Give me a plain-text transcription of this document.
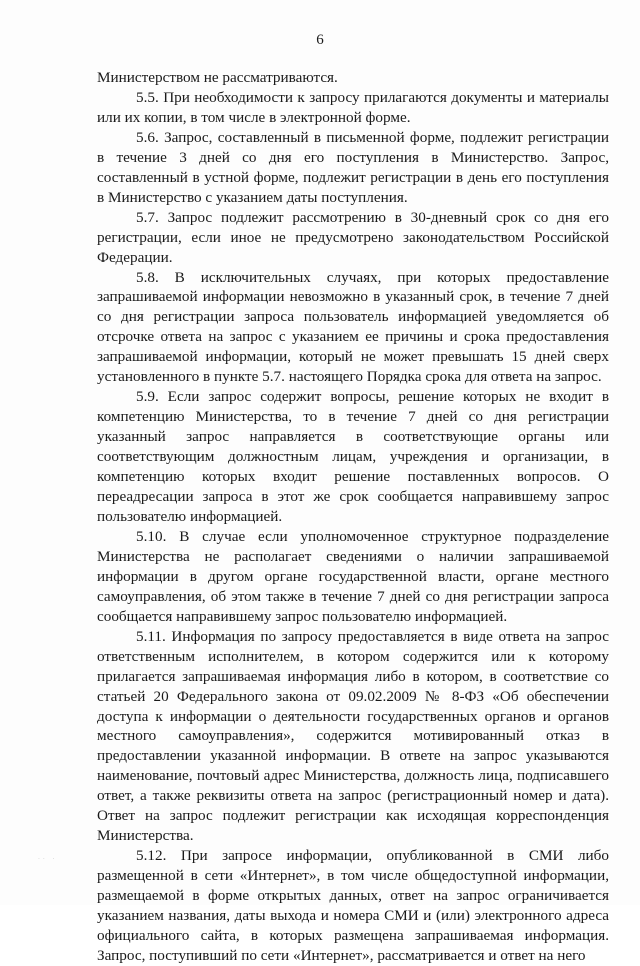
6

Министерством не рассматриваются.

5.5. При необходимости к запросу прилагаются документы и материалы или их копии, в том числе в электронной форме.

5.6. Запрос, составленный в письменной форме, подлежит регистрации в течение 3 дней со дня его поступления в Министерство. Запрос, составленный в устной форме, подлежит регистрации в день его поступления в Министерство с указанием даты поступления.

5.7. Запрос подлежит рассмотрению в 30-дневный срок со дня его регистрации, если иное не предусмотрено законодательством Российской Федерации.

5.8. В исключительных случаях, при которых предоставление запрашиваемой информации невозможно в указанный срок, в течение 7 дней со дня регистрации запроса пользователь информацией уведомляется об отсрочке ответа на запрос с указанием ее причины и срока предоставления запрашиваемой информации, который не может превышать 15 дней сверх установленного в пункте 5.7. настоящего Порядка срока для ответа на запрос.

5.9. Если запрос содержит вопросы, решение которых не входит в компетенцию Министерства, то в течение 7 дней со дня регистрации указанный запрос направляется в соответствующие органы или соответствующим должностным лицам, учреждения и организации, в компетенцию которых входит решение поставленных вопросов. О переадресации запроса в этот же срок сообщается направившему запрос пользователю информацией.

5.10. В случае если уполномоченное структурное подразделение Министерства не располагает сведениями о наличии запрашиваемой информации в другом органе государственной власти, органе местного самоуправления, об этом также в течение 7 дней со дня регистрации запроса сообщается направившему запрос пользователю информацией.

5.11. Информация по запросу предоставляется в виде ответа на запрос ответственным исполнителем, в котором содержится или к которому прилагается запрашиваемая информация либо в котором, в соответствие со статьей 20 Федерального закона от 09.02.2009 № 8-ФЗ «Об обеспечении доступа к информации о деятельности государственных органов и органов местного самоуправления», содержится мотивированный отказ в предоставлении указанной информации. В ответе на запрос указываются наименование, почтовый адрес Министерства, должность лица, подписавшего ответ, а также реквизиты ответа на запрос (регистрационный номер и дата). Ответ на запрос подлежит регистрации как исходящая корреспонденция Министерства.

5.12. При запросе информации, опубликованной в СМИ либо размещенной в сети «Интернет», в том числе общедоступной информации, размещаемой в форме открытых данных, ответ на запрос ограничивается указанием названия, даты выхода и номера СМИ и (или) электронного адреса официального сайта, в которых размещена запрашиваемая информация. Запрос, поступивший по сети «Интернет», рассматривается и ответ на него

·· ·
